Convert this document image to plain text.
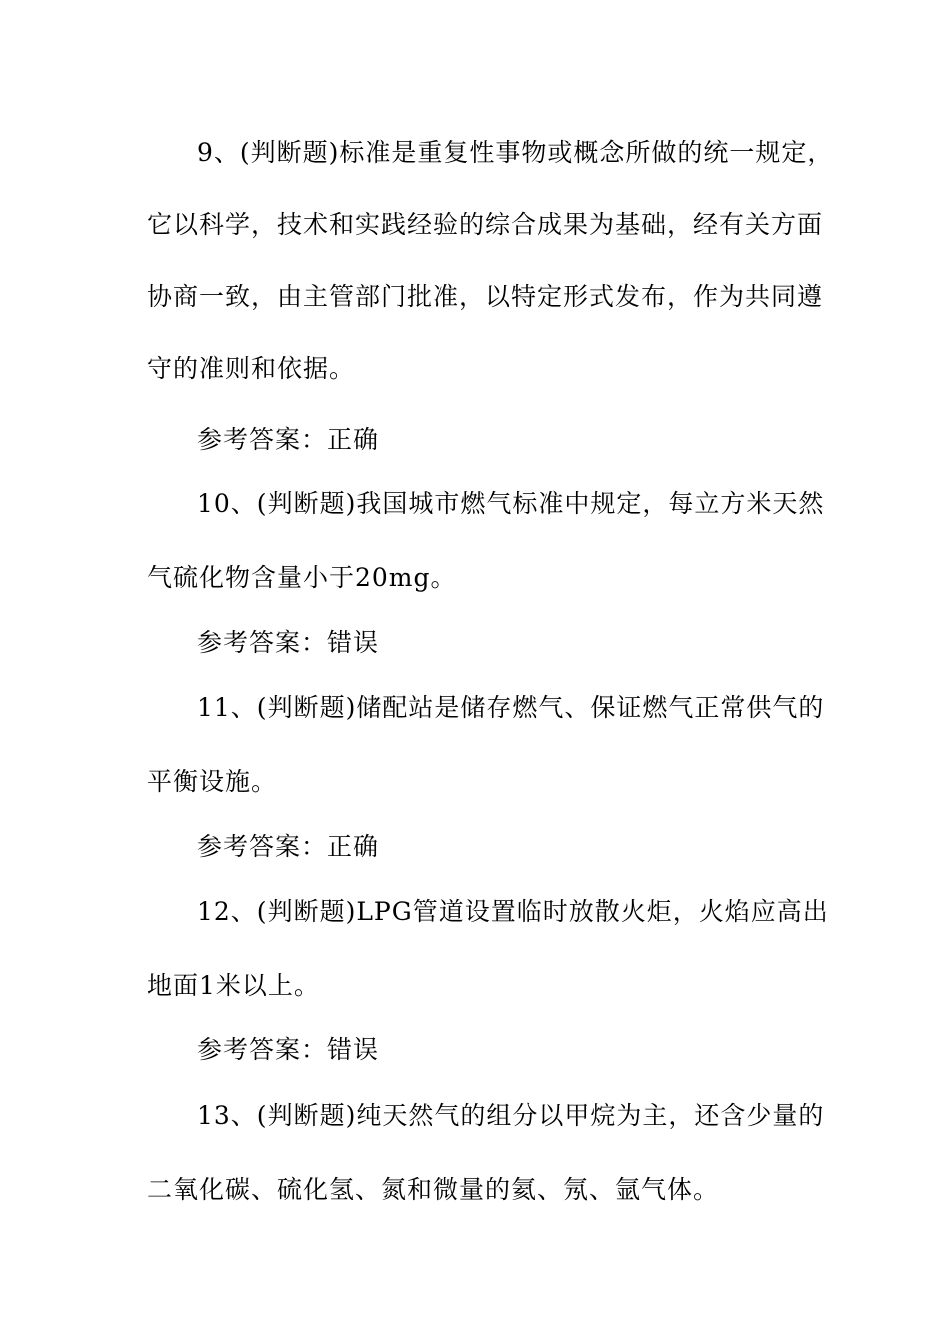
9、(判断题)标准是重复性事物或概念所做的统一规定，
它以科学，技术和实践经验的综合成果为基础，经有关方面
协商一致，由主管部门批准，以特定形式发布，作为共同遵
守的准则和依据。
参考答案：正确
10、(判断题)我国城市燃气标准中规定，每立方米天然
气硫化物含量小于20mg。
参考答案：错误
11、(判断题)储配站是储存燃气、保证燃气正常供气的
平衡设施。
参考答案：正确
12、(判断题)LPG管道设置临时放散火炬，火焰应高出
地面1米以上。
参考答案：错误
13、(判断题)纯天然气的组分以甲烷为主，还含少量的
二氧化碳、硫化氢、氮和微量的氦、氖、氩气体。
